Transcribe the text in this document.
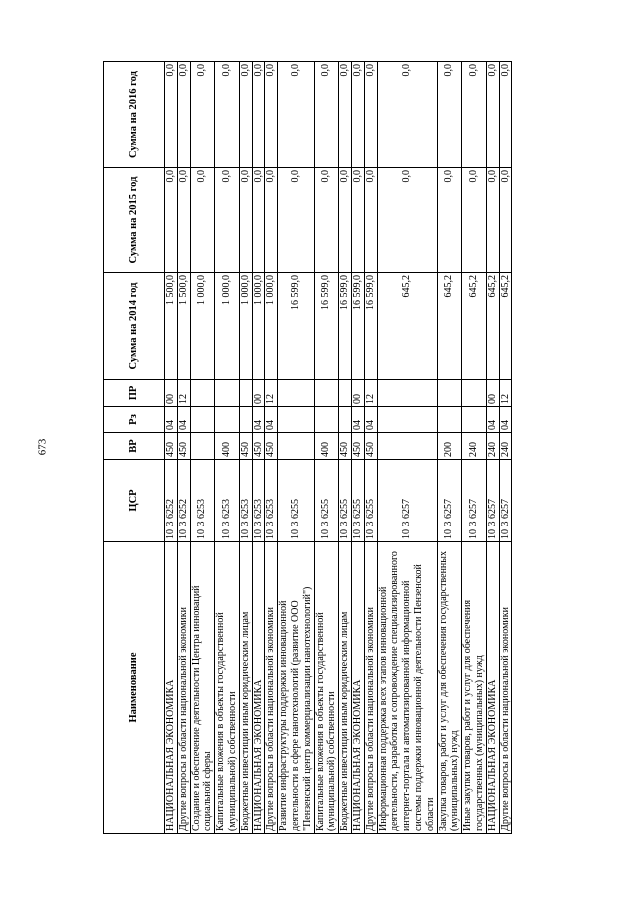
673
Наименование	ЦСР	ВР	Рз	ПР	Сумма на 2014 год	Сумма на 2015 год	Сумма на 2016 год
НАЦИОНАЛЬНАЯ ЭКОНОМИКА	10 3 6252	450	04	00	1 500,0	0,0	0,0
Другие вопросы в области национальной экономики	10 3 6252	450	04	12	1 500,0	0,0	0,0
Создание и обеспечение деятельности Центра инноваций социальной сферы	10 3 6253				1 000,0	0,0	0,0
Капитальные вложения в объекты государственной (муниципальной) собственности	10 3 6253	400			1 000,0	0,0	0,0
Бюджетные инвестиции иным юридическим лицам	10 3 6253	450			1 000,0	0,0	0,0
НАЦИОНАЛЬНАЯ ЭКОНОМИКА	10 3 6253	450	04	00	1 000,0	0,0	0,0
Другие вопросы в области национальной экономики	10 3 6253	450	04	12	1 000,0	0,0	0,0
Развитие инфраструктуры поддержки инновационной деятельности в сфере нанотехнологий (развитие ООО "Пензенский центр коммерциализации нанотехнологий")	10 3 6255				16 599,0	0,0	0,0
Капитальные вложения в объекты государственной (муниципальной) собственности	10 3 6255	400			16 599,0	0,0	0,0
Бюджетные инвестиции иным юридическим лицам	10 3 6255	450			16 599,0	0,0	0,0
НАЦИОНАЛЬНАЯ ЭКОНОМИКА	10 3 6255	450	04	00	16 599,0	0,0	0,0
Другие вопросы в области национальной экономики	10 3 6255	450	04	12	16 599,0	0,0	0,0
Информационная поддержка всех этапов инновационной деятельности, разработка и сопровождение специализированного интернет-портала и автоматизированной информационной системы поддержки инновационной деятельности Пензенской области	10 3 6257				645,2	0,0	0,0
Закупка товаров, работ и услуг для обеспечения государственных (муниципальных) нужд	10 3 6257	200			645,2	0,0	0,0
Иные закупки товаров, работ и услуг для обеспечения государственных (муниципальных) нужд	10 3 6257	240			645,2	0,0	0,0
НАЦИОНАЛЬНАЯ ЭКОНОМИКА	10 3 6257	240	04	00	645,2	0,0	0,0
Другие вопросы в области национальной экономики	10 3 6257	240	04	12	645,2	0,0	0,0
